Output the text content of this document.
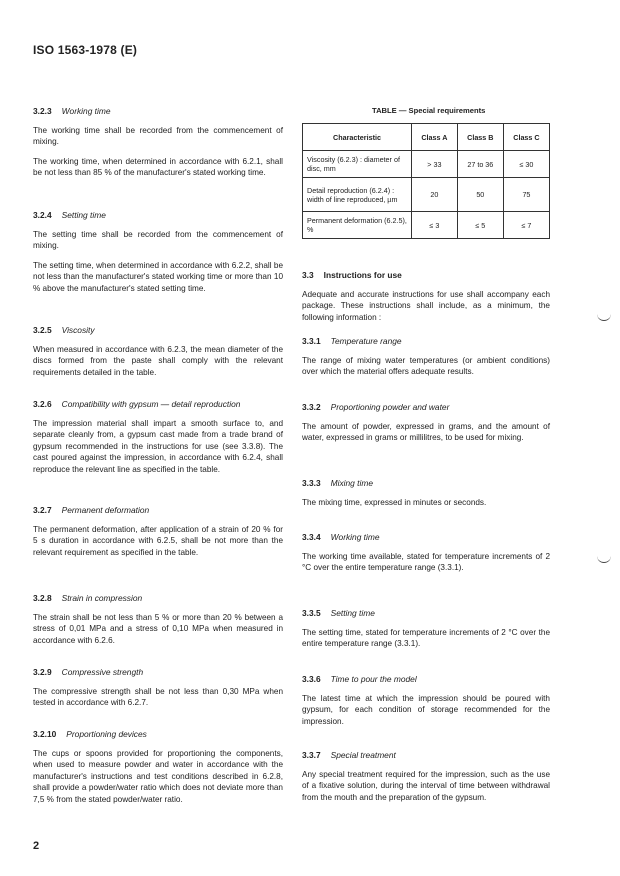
ISO 1563-1978 (E)
3.2.3 Working time

The working time shall be recorded from the commencement of mixing.

The working time, when determined in accordance with 6.2.1, shall be not less than 85 % of the manufacturer's stated working time.

3.2.4 Setting time

The setting time shall be recorded from the commencement of mixing.

The setting time, when determined in accordance with 6.2.2, shall be not less than the manufacturer's stated working time or more than 10 % above the manufacturer's stated setting time.

3.2.5 Viscosity

When measured in accordance with 6.2.3, the mean diameter of the discs formed from the paste shall comply with the relevant requirements detailed in the table.

3.2.6 Compatibility with gypsum — detail reproduction

The impression material shall impart a smooth surface to, and separate cleanly from, a gypsum cast made from a trade brand of gypsum recommended in the instructions for use (see 3.3.8). The cast poured against the impression, in accordance with 6.2.4, shall reproduce the relevant line as specified in the table.

3.2.7 Permanent deformation

The permanent deformation, after application of a strain of 20 % for 5 s duration in accordance with 6.2.5, shall be not more than the relevant requirement as specified in the table.

3.2.8 Strain in compression

The strain shall be not less than 5 % or more than 20 % between a stress of 0,01 MPa and a stress of 0,10 MPa when measured in accordance with 6.2.6.

3.2.9 Compressive strength

The compressive strength shall be not less than 0,30 MPa when tested in accordance with 6.2.7.

3.2.10 Proportioning devices

The cups or spoons provided for proportioning the components, when used to measure powder and water in accordance with the manufacturer's instructions and test conditions described in 6.2.8, shall provide a powder/water ratio which does not deviate more than 7,5 % from the stated powder/water ratio.

TABLE — Special requirements
Characteristic	Class A	Class B	Class C
Viscosity (6.2.3) : diameter of disc, mm	> 33	27 to 36	≤ 30
Detail reproduction (6.2.4) : width of line reproduced, µm	20	50	75
Permanent deformation (6.2.5), %	≤ 3	≤ 5	≤ 7
3.3 Instructions for use

Adequate and accurate instructions for use shall accompany each package. These instructions shall include, as a minimum, the following information :

3.3.1 Temperature range

The range of mixing water temperatures (or ambient conditions) over which the material offers adequate results.

3.3.2 Proportioning powder and water

The amount of powder, expressed in grams, and the amount of water, expressed in grams or millilitres, to be used for mixing.

3.3.3 Mixing time

The mixing time, expressed in minutes or seconds.

3.3.4 Working time

The working time available, stated for temperature increments of 2 °C over the entire temperature range (3.3.1).

3.3.5 Setting time

The setting time, stated for temperature increments of 2 °C over the entire temperature range (3.3.1).

3.3.6 Time to pour the model

The latest time at which the impression should be poured with gypsum, for each condition of storage recommended for the impression.

3.3.7 Special treatment

Any special treatment required for the impression, such as the use of a fixative solution, during the interval of time between withdrawal from the mouth and the preparation of the gypsum.

2
